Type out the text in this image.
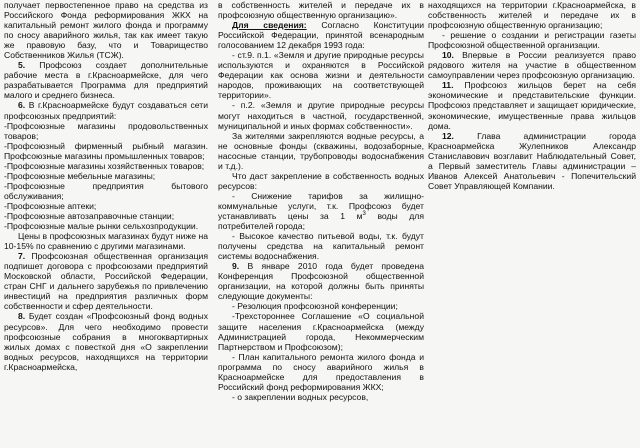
получает первостепенное право на средства из Российского Фонда реформирования ЖКХ на капитальный ремонт жилого фонда и программу по сносу аварийного жилья, так как имеет такую же правовую базу, что и Товарищество Собственников Жилья (ТСЖ).

5. Профсоюз создает дополнительные рабочие места в г.Красноармейске, для чего разрабатывается Программа для предприятий малого и среднего бизнеса.

6. В г.Красноармейске будут создаваться сети профсоюзных предприятий:

-Профсоюзные магазины продовольственных товаров;

-Профсоюзный фирменный рыбный магазин. Профсоюзные магазины промышленных товаров;

-Профсоюзные магазины хозяйственных товаров;

-Профсоюзные мебельные магазины;

-Профсоюзные предприятия бытового обслуживания;

-Профсоюзные аптеки;

-Профсоюзные автозаправочные станции;

-Профсоюзные малые рынки сельхозпродукции.

Цены в профсоюзных магазинах будут ниже на 10-15% по сравнению с другими магазинами.

7. Профсоюзная общественная организация подпишет договора с профсоюзами предприятий Московской области, Российской Федерации, стран СНГ и дальнего зарубежья по привлечению инвестиций на предприятия различных форм собственности и сфер деятельности.

8. Будет создан «Профсоюзный фонд водных ресурсов». Для чего необходимо провести профсоюзные собрания в многоквартирных жилых домах с повесткой дня «О закреплении водных ресурсов, находящихся на территории г.Красноармейска,

в собственность жителей и передаче их в профсоюзную общественную организацию».

Для сведения: Согласно Конституции Российской Федерации, принятой всенародным голосованием 12 декабря 1993 года:

- ст.9. п.1. «Земля и другие природные ресурсы используются и охраняются в Российской Федерации как основа жизни и деятельности народов, проживающих на соответствующей территории».

- п.2. «Земля и другие природные ресурсы могут находиться в частной, государственной, муниципальной и иных формах собственности».

За жителями закрепляются водные ресурсы, а не основные фонды (скважины, водозаборные, насосные станции, трубопроводы водоснабжения и т.д.).

Что даст закрепление в собственность водных ресурсов:

- Снижение тарифов за жилищно-коммунальные услуги, т.к. Профсоюз будет устанавливать цены за 1 $м^3$ воды для потребителей города;

- Высокое качество питьевой воды, т.к. будут получены средства на капитальный ремонт системы водоснабжения.

9. В январе 2010 года будет проведена Конференция Профсоюзной общественной организации, на которой должны быть приняты следующие документы:

- Резолюция профсоюзной конференции;

-Трехстороннее Соглашение «О социальной защите населения г.Красноармейска (между Администрацией города, Некоммерческим Партнерством и Профсоюзом);

- План капитального ремонта жилого фонда и программа по сносу аварийного жилья в Красноармейске для предоставления в Российский фонд реформирования ЖКХ;

- о закреплении водных ресурсов,

находящихся на территории г.Красноармейска, в собственность жителей и передаче их в профсоюзную общественную организацию;

- решение о создании и регистрации газеты Профсоюзной общественной организации.

10. Впервые в России реализуется право рядового жителя на участие в общественном самоуправлении через профсоюзную организацию.

11. Профсоюз жильцов берет на себя экономические и представительские функции. Профсоюз представляет и защищает юридические, экономические, имущественные права жильцов дома.

12. Глава администрации города Красноармейска Жулепников Александр Станиславович возглавит Наблюдательный Совет, а Первый заместитель Главы администрации – Иванов Алексей Анатольевич - Попечительский Совет Управляющей Компании.
